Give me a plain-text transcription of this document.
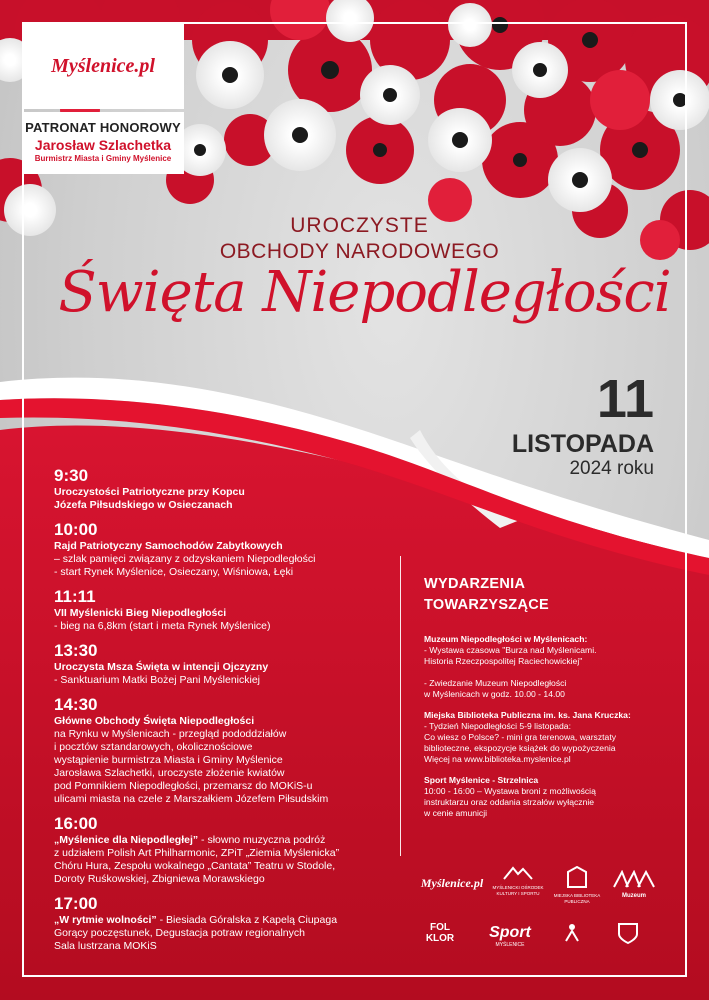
Myślenice.pl
PATRONAT HONOROWY
Jarosław Szlachetka
Burmistrz Miasta i Gminy Myślenice
UROCZYSTE
OBCHODY NARODOWEGO
Święta Niepodległości
11
LISTOPADA
2024 roku
9:30
Uroczystości Patriotyczne przy Kopcu
Józefa Piłsudskiego w Osieczanach
10:00
Rajd Patriotyczny Samochodów Zabytkowych
– szlak pamięci związany z odzyskaniem Niepodległości
- start Rynek Myślenice, Osieczany, Wiśniowa, Łęki
11:11
VII Myślenicki Bieg Niepodległości
- bieg na 6,8km (start i meta Rynek Myślenice)
13:30
Uroczysta Msza Święta w intencji Ojczyzny
- Sanktuarium Matki Bożej Pani Myślenickiej
14:30
Główne Obchody Święta Niepodległości
na Rynku w Myślenicach - przegląd pododdziałów
i pocztów sztandarowych, okolicznościowe
wystąpienie burmistrza Miasta i Gminy Myślenice
Jarosława Szlachetki, uroczyste złożenie kwiatów
pod Pomnikiem Niepodległości, przemarsz do MOKiS-u
ulicami miasta na czele z Marszałkiem Józefem Piłsudskim
16:00
„Myślenice dla Niepodległej” - słowno muzyczna podróż
z udziałem Polish Art Philharmonic, ZPiT „Ziemia Myślenicka”
Chóru Hura, Zespołu wokalnego „Cantata” Teatru w Stodole,
Doroty Ruśkowskiej, Zbigniewa Morawskiego
17:00
„W rytmie wolności” - Biesiada Góralska z Kapelą Ciupaga
Gorący poczęstunek, Degustacja potraw regionalnych
Sala lustrzana MOKiS
WYDARZENIA
TOWARZYSZĄCE
Muzeum Niepodległości w Myślenicach:
- Wystawa czasowa "Burza nad Myślenicami.
Historia Rzeczpospolitej Raciechowickiej"

- Zwiedzanie Muzeum Niepodległości
w Myślenicach w godz. 10.00 - 14.00
Miejska Biblioteka Publiczna im. ks. Jana Kruczka:
- Tydzień Niepodległości 5-9 listopada:
Co wiesz o Polsce? - mini gra terenowa, warsztaty
biblioteczne, ekspozycje książek do wypożyczenia
Więcej na www.biblioteka.myslenice.pl
Sport Myślenice - Strzelnica
10:00 - 16:00 – Wystawa broni z możliwością
instruktarzu oraz oddania strzałów wyłącznie
w cenie amunicji
Myślenice.pl	MYŚLENICKI OŚRODEK KULTURY I SPORTU	MIEJSKA BIBLIOTEKA PUBLICZNA
Muzeum
FOL
KLOR	Sport
MYŚLENICE
